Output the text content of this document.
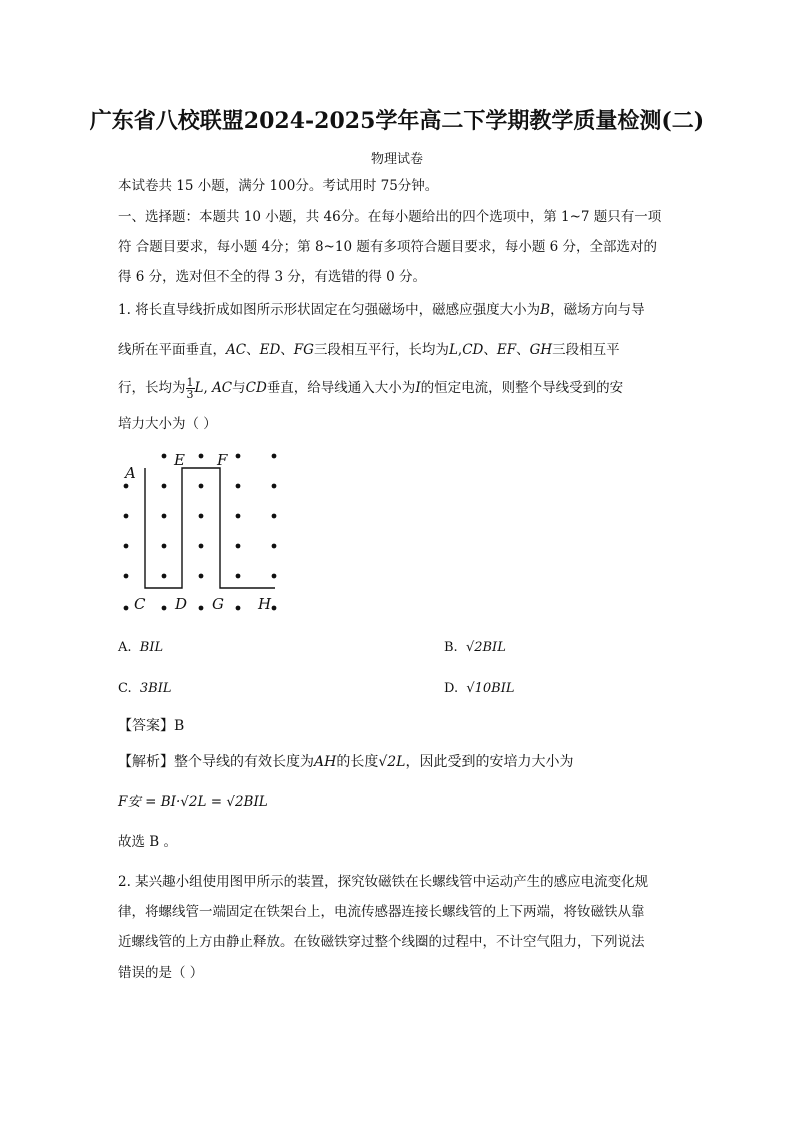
广东省八校联盟2024-2025学年高二下学期教学质量检测(二)
物理试卷
本试卷共 15 小题，满分 100分。考试用时 75分钟。
一、选择题：本题共 10 小题，共 46分。在每小题给出的四个选项中，第 1~7 题只有一项
符 合题目要求，每小题 4分；第 8~10 题有多项符合题目要求，每小题 6 分，全部选对的
得 6 分，选对但不全的得 3 分，有选错的得 0 分。
1. 将长直导线折成如图所示形状固定在匀强磁场中，磁感应强度大小为B，磁场方向与导
线所在平面垂直，AC、ED、FG三段相互平行，长均为L,CD、EF、GH三段相互平
行，长均为 $\frac{1}{3} L$, AC与CD垂直，给导线通入大小为I的恒定电流，则整个导线受到的安
培力大小为（ ）
A
E F
C D G H
A. BIL	B. √2BIL
C. 3BIL	D. √10BIL
【答案】B
【解析】整个导线的有效长度为AH的长度√2L，因此受到的安培力大小为
F安 = BI·√2L = √2BIL
故选 B 。
2. 某兴趣小组使用图甲所示的装置，探究钕磁铁在长螺线管中运动产生的感应电流变化规
律，将螺线管一端固定在铁架台上，电流传感器连接长螺线管的上下两端，将钕磁铁从靠
近螺线管的上方由静止释放。在钕磁铁穿过整个线圈的过程中，不计空气阻力，下列说法
错误的是（ ）
